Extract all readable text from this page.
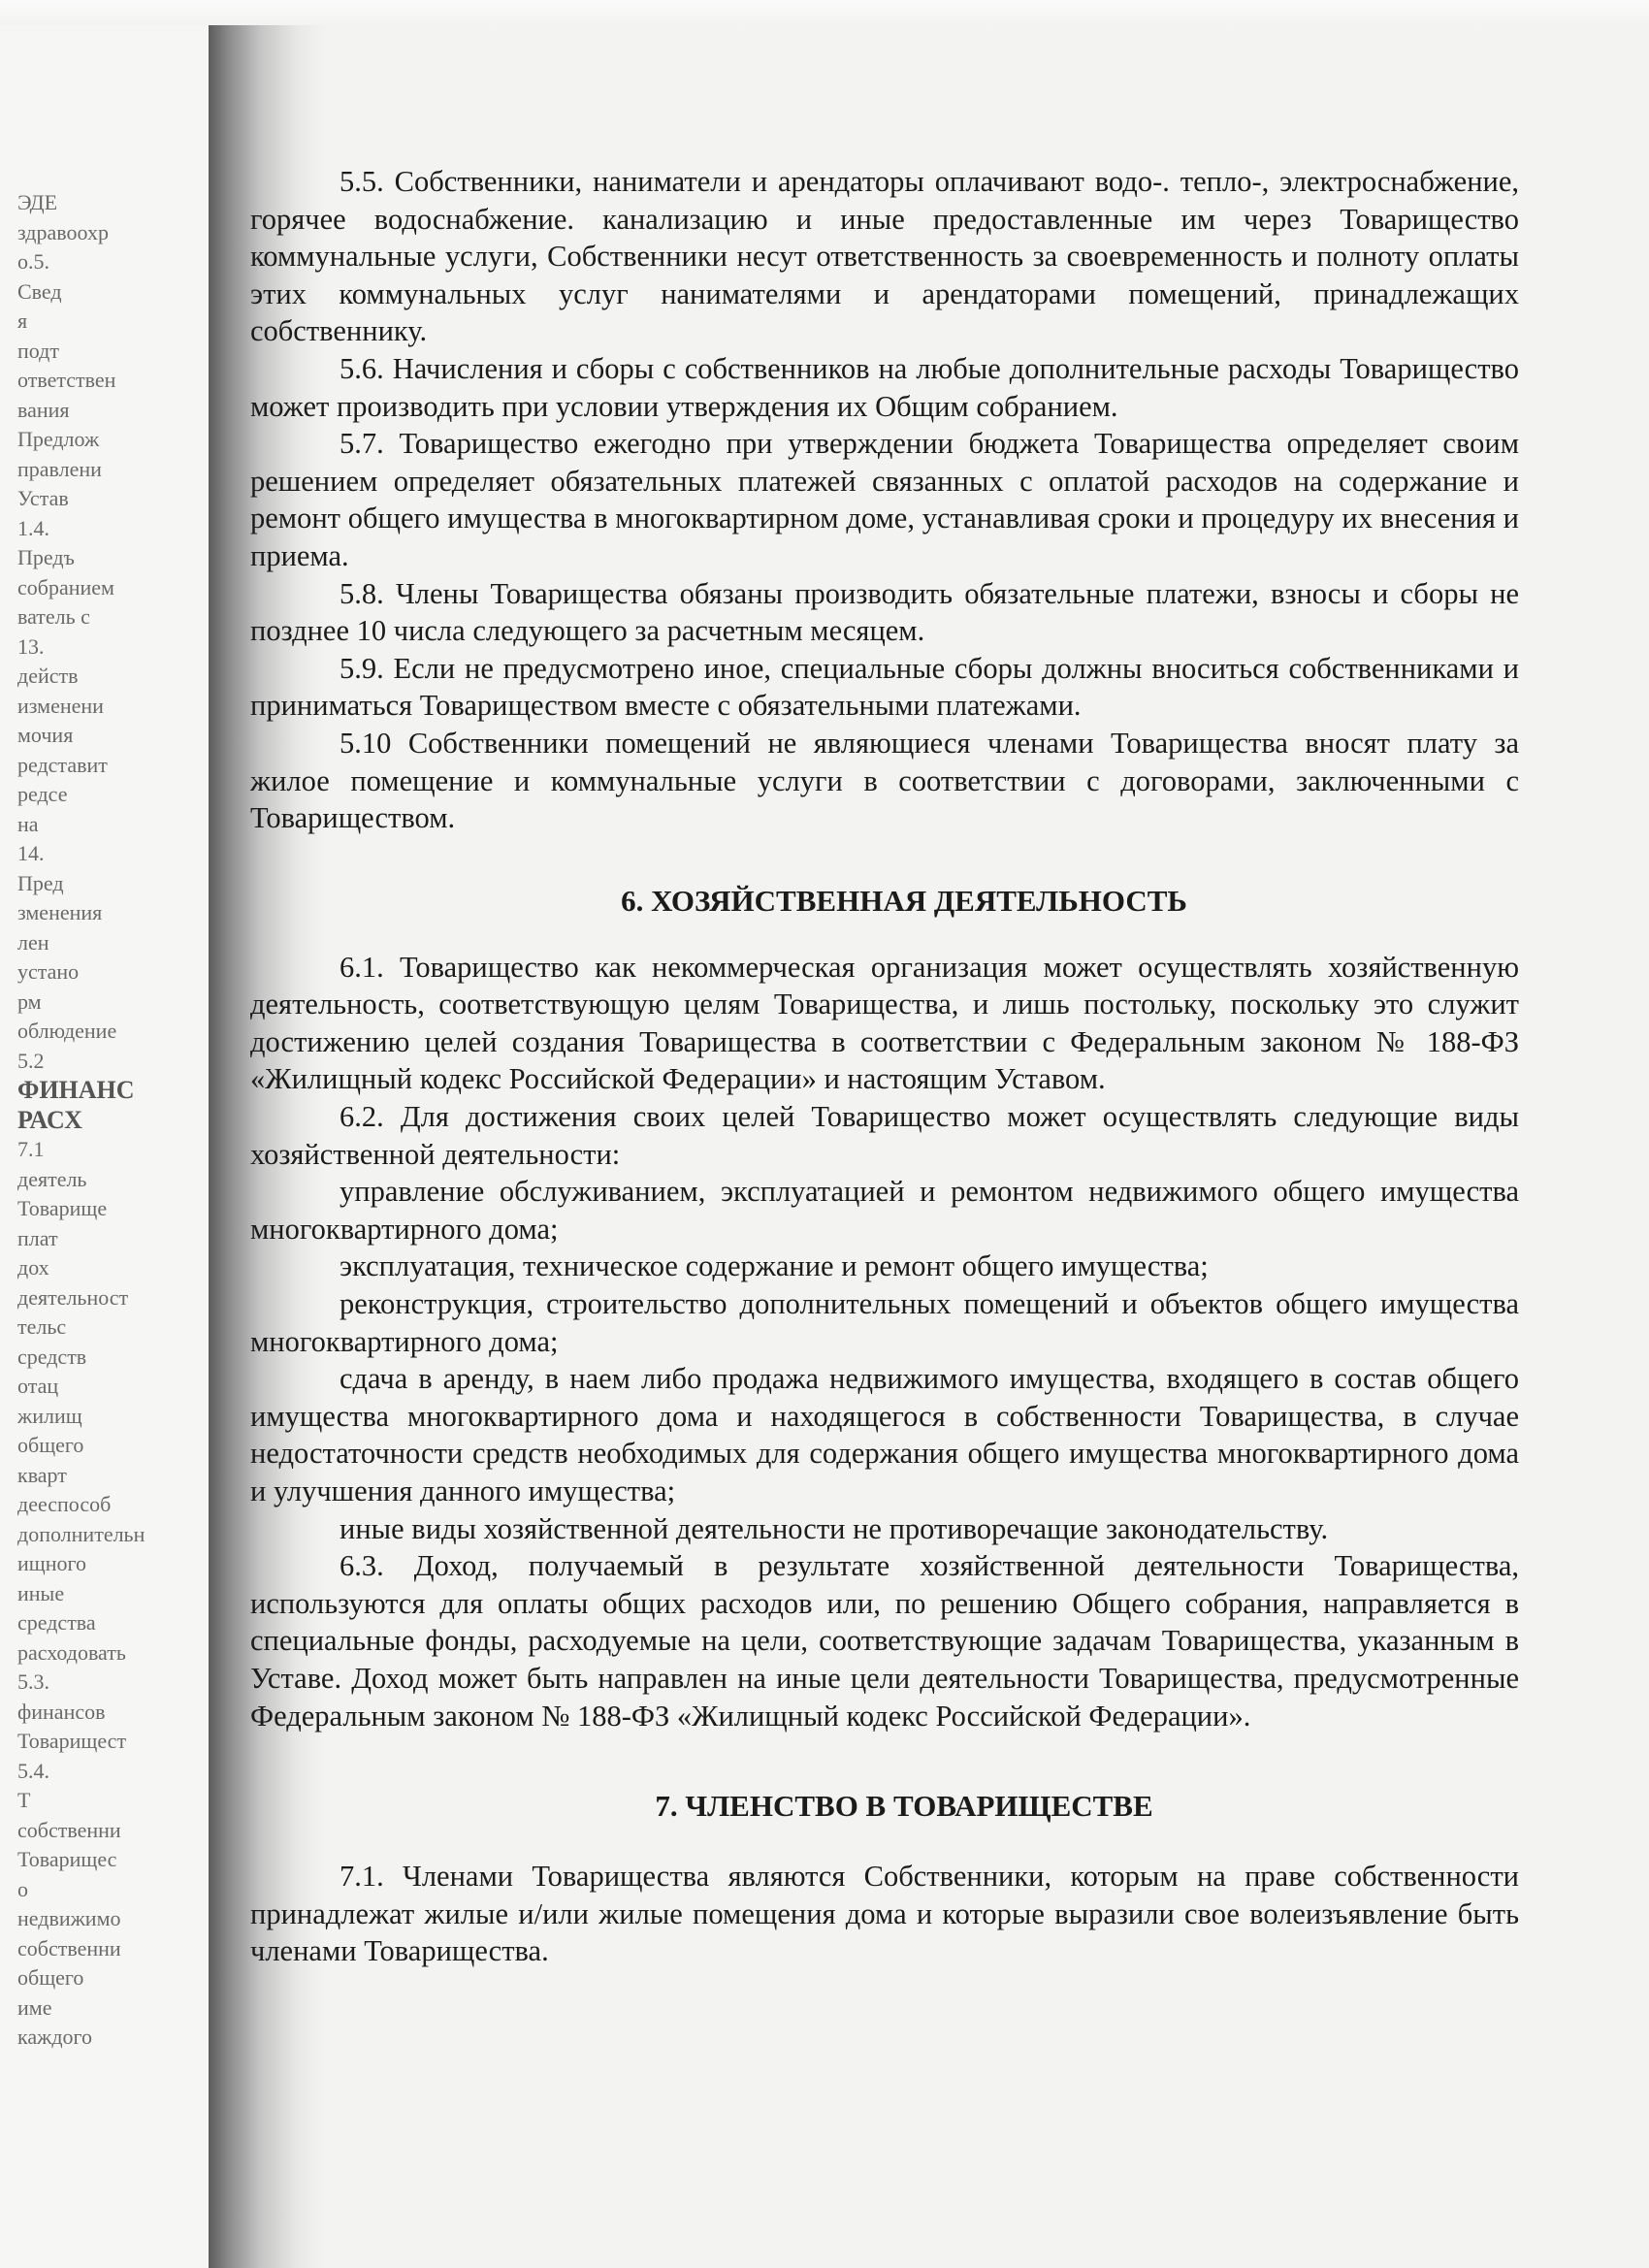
ЭДЕ
здравоохр
о.5.
Свед
я
подт
ответствен
вания
Предлож
правлени
Устав
1.4.
Предъ
собранием
ватель с
13.
действ
изменени
мочия
редставит
редсе
на
14.
Пред
зменения
лен
устано
рм
облюдение
5.2
ФИНАНС
РАСХ
7.1
деятель
Товарище
плат
дох
деятельност
тельс
средств
отац
жилищ
общего
кварт
дееспособ
дополнительн
ищного
иные
средства
расходовать
5.3.
финансов
Товарищест
5.4.
Т
собственни
Товарищес
о
недвижимо
собственни
общего
име
каждого

5.5. Собственники, наниматели и арендаторы оплачивают водо-. тепло-, электроснабжение, горячее водоснабжение. канализацию и иные предоставленные им через Товарищество коммунальные услуги, Собственники несут ответственность за своевременность и полноту оплаты этих коммунальных услуг нанимателями и арендаторами помещений, принадлежащих собственнику.

5.6. Начисления и сборы с собственников на любые дополнительные расходы Товарищество может производить при условии утверждения их Общим собранием.

5.7. Товарищество ежегодно при утверждении бюджета Товарищества определяет своим решением определяет обязательных платежей связанных с оплатой расходов на содержание и ремонт общего имущества в многоквартирном доме, устанавливая сроки и процедуру их внесения и приема.

5.8. Члены Товарищества обязаны производить обязательные платежи, взносы и сборы не позднее 10 числа следующего за расчетным месяцем.

5.9. Если не предусмотрено иное, специальные сборы должны вноситься собственниками и приниматься Товариществом вместе с обязательными платежами.

5.10 Собственники помещений не являющиеся членами Товарищества вносят плату за жилое помещение и коммунальные услуги в соответствии с договорами, заключенными с Товариществом.

6. ХОЗЯЙСТВЕННАЯ ДЕЯТЕЛЬНОСТЬ

6.1. Товарищество как некоммерческая организация может осуществлять хозяйственную деятельность, соответствующую целям Товарищества, и лишь постольку, поскольку это служит достижению целей создания Товарищества в соответствии с Федеральным законом № 188-ФЗ «Жилищный кодекс Российской Федерации» и настоящим Уставом.

6.2. Для достижения своих целей Товарищество может осуществлять следующие виды хозяйственной деятельности:

управление обслуживанием, эксплуатацией и ремонтом недвижимого общего имущества многоквартирного дома;

эксплуатация, техническое содержание и ремонт общего имущества;

реконструкция, строительство дополнительных помещений и объектов общего имущества многоквартирного дома;

сдача в аренду, в наем либо продажа недвижимого имущества, входящего в состав общего имущества многоквартирного дома и находящегося в собственности Товарищества, в случае недостаточности средств необходимых для содержания общего имущества многоквартирного дома и улучшения данного имущества;

иные виды хозяйственной деятельности не противоречащие законодательству.

6.3. Доход, получаемый в результате хозяйственной деятельности Товарищества, используются для оплаты общих расходов или, по решению Общего собрания, направляется в специальные фонды, расходуемые на цели, соответствующие задачам Товарищества, указанным в Уставе. Доход может быть направлен на иные цели деятельности Товарищества, предусмотренные Федеральным законом № 188-ФЗ «Жилищный кодекс Российской Федерации».

7. ЧЛЕНСТВО В ТОВАРИЩЕСТВЕ

7.1. Членами Товарищества являются Собственники, которым на праве собственности принадлежат жилые и/или жилые помещения дома и которые выразили свое волеизъявление быть членами Товарищества.
